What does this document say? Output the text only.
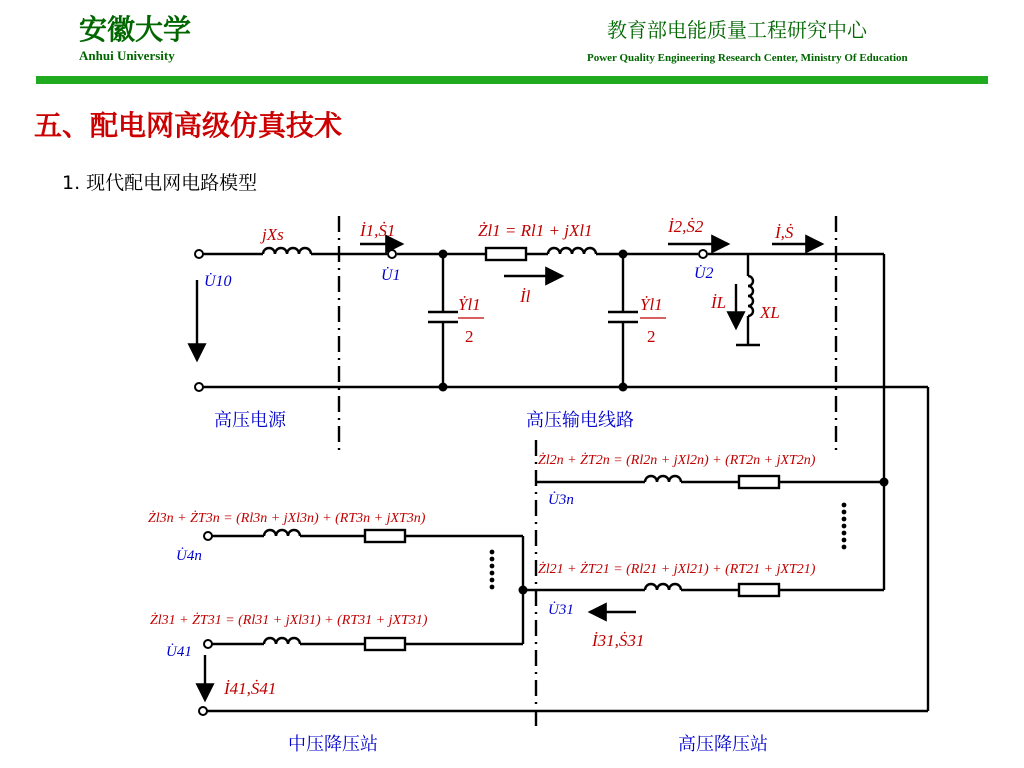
安徽大学
Anhui University
教育部电能质量工程研究中心
Power Quality Engineering Research Center, Ministry Of Education
五、配电网高级仿真技术
1. 现代配电网电路模型
jXs	İ1,Ṡ1	Żl1 = Rl1 + jXl1	İ2,Ṡ2	İ,Ṡ
İl
Ẏl1
2
Ẏl1
2
İL
XL
Żl2n + ŻT2n = (Rl2n + jXl2n) + (RT2n + jXT2n)
Żl3n + ŻT3n = (Rl3n + jXl3n) + (RT3n + jXT3n)
Żl21 + ŻT21 = (Rl21 + jXl21) + (RT21 + jXT21)
Żl31 + ŻT31 = (Rl31 + jXl31) + (RT31 + jXT31)
İ31,Ṡ31
İ41,Ṡ41
U̇10	U̇1	U̇2
U̇3n
U̇4n
U̇31
U̇41
高压电源	高压输电线路
中压降压站	高压降压站
